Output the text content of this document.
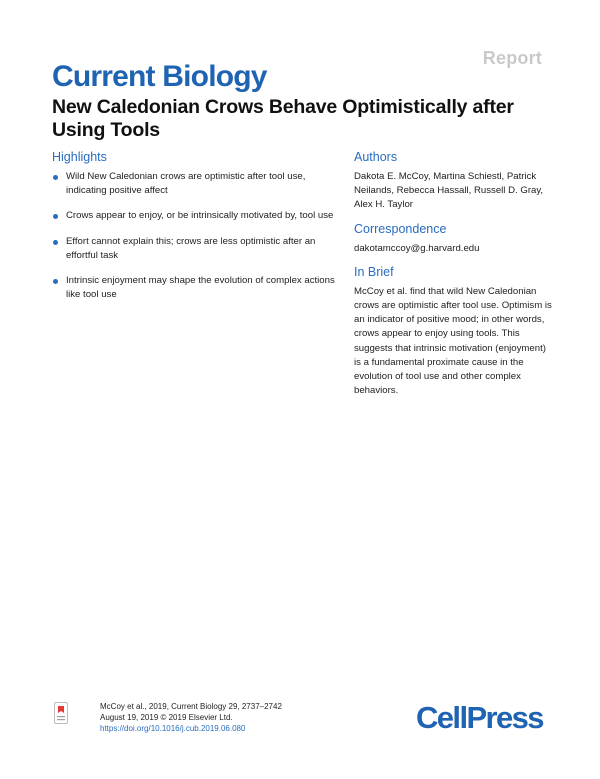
Report
Current Biology
New Caledonian Crows Behave Optimistically after Using Tools
Highlights
Wild New Caledonian crows are optimistic after tool use, indicating positive affect
Crows appear to enjoy, or be intrinsically motivated by, tool use
Effort cannot explain this; crows are less optimistic after an effortful task
Intrinsic enjoyment may shape the evolution of complex actions like tool use
Authors

Dakota E. McCoy, Martina Schiestl, Patrick Neilands, Rebecca Hassall, Russell D. Gray, Alex H. Taylor

Correspondence

dakotamccoy@g.harvard.edu

In Brief

McCoy et al. find that wild New Caledonian crows are optimistic after tool use. Optimism is an indicator of positive mood; in other words, crows appear to enjoy using tools. This suggests that intrinsic motivation (enjoyment) is a fundamental proximate cause in the evolution of tool use and other complex behaviors.

McCoy et al., 2019, Current Biology 29, 2737–2742
August 19, 2019 © 2019 Elsevier Ltd.
https://doi.org/10.1016/j.cub.2019.06.080	CellPress
